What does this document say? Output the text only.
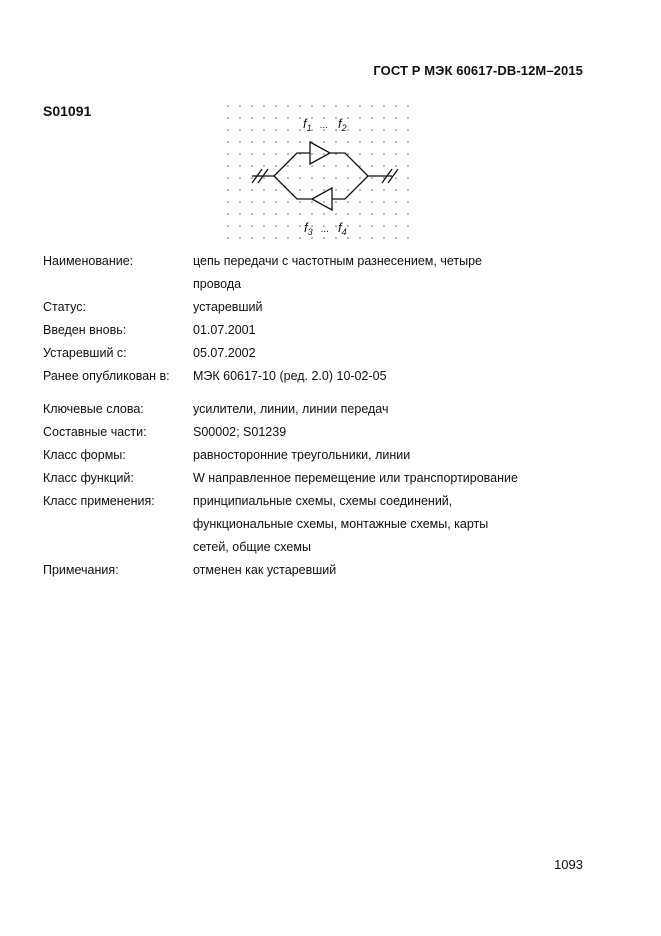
ГОСТ Р МЭК 60617-DB-12M–2015
S01091
$f_1$ ... $f_2$
$f_3$ ... $f_4$
Наименование:	цепь передачи с частотным разнесением, четыре
провода
Статус:	устаревший
Введен вновь:	01.07.2001
Устаревший с:	05.07.2002
Ранее опубликован в:	МЭК 60617-10 (ред. 2.0) 10-02-05
Ключевые слова:	усилители, линии, линии передач
Составные части:	S00002; S01239
Класс формы:	равносторонние треугольники, линии
Класс функций:	W направленное перемещение или транспортирование
Класс применения:	принципиальные схемы, схемы соединений,
функциональные схемы, монтажные схемы, карты
сетей, общие схемы
Примечания:	отменен как устаревший
1093
